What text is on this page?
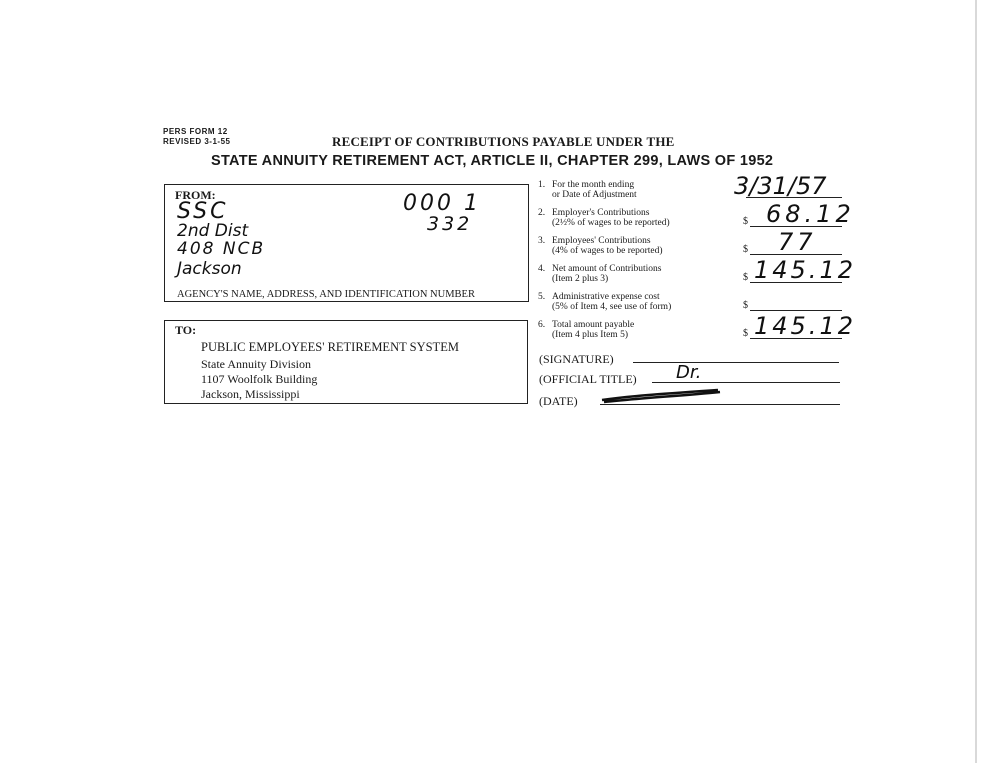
PERS FORM 12
REVISED 3-1-55	RECEIPT OF CONTRIBUTIONS PAYABLE UNDER THE
STATE ANNUITY RETIREMENT ACT, ARTICLE II, CHAPTER 299, LAWS OF 1952
FROM:
SSC
2nd Dist
408 NCB
Jackson
000 1
332
AGENCY'S NAME, ADDRESS, AND IDENTIFICATION NUMBER
TO:
PUBLIC EMPLOYEES' RETIREMENT SYSTEM
State Annuity Division
1107 Woolfolk Building
Jackson, Mississippi
1. For the month ending
or Date of Adjustment	3/31/57
2. Employer's Contributions
(2½% of wages to be reported)	$ 68.12
3. Employees' Contributions
(4% of wages to be reported)	$ 77
4. Net amount of Contributions
(Item 2 plus 3)	$ 145.12
5. Administrative expense cost
(5% of Item 4, see use of form)	$
6. Total amount payable
(Item 4 plus Item 5)	$ 145.12
(SIGNATURE)
(OFFICIAL TITLE) Dr.
(DATE)
